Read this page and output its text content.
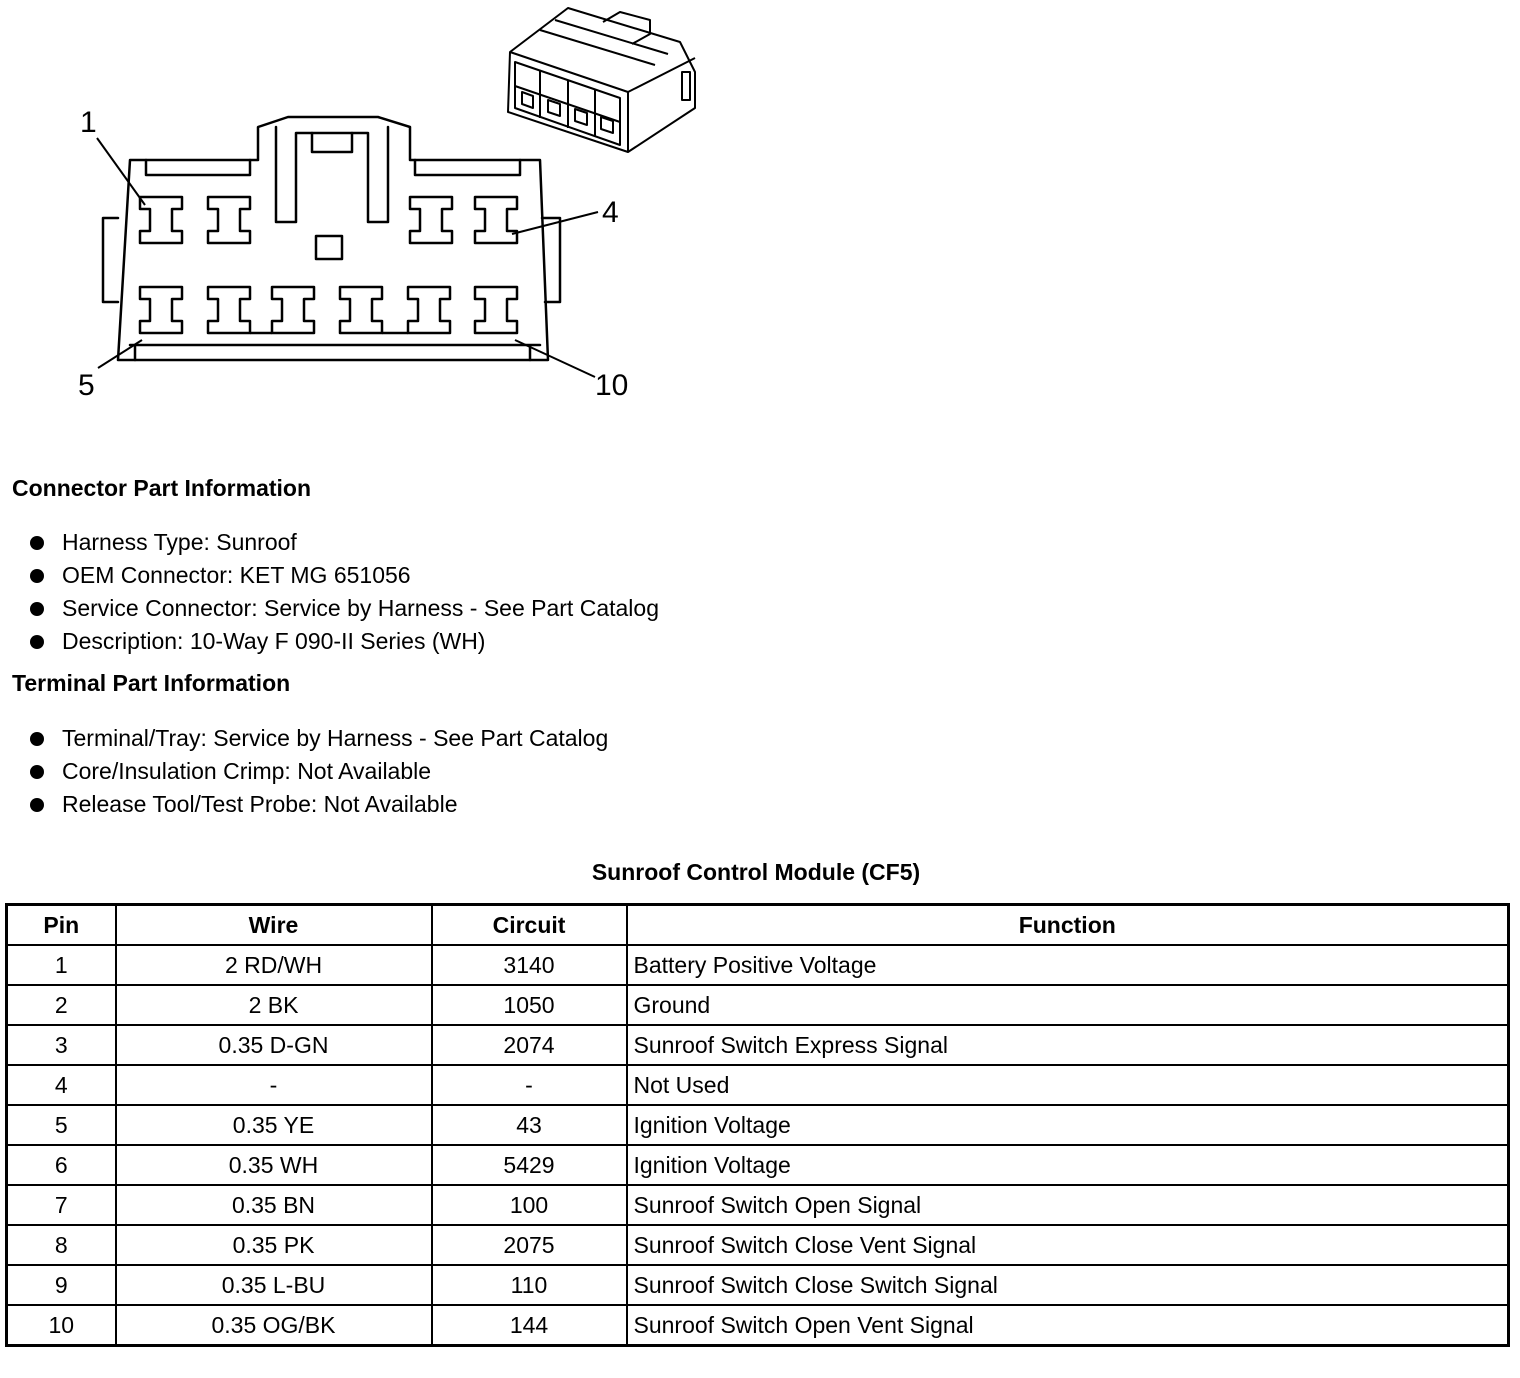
1
4
5	10
Connector Part Information
Harness Type: Sunroof
OEM Connector: KET MG 651056
Service Connector: Service by Harness - See Part Catalog
Description: 10-Way F 090-II Series (WH)
Terminal Part Information
Terminal/Tray: Service by Harness - See Part Catalog
Core/Insulation Crimp: Not Available
Release Tool/Test Probe: Not Available
Sunroof Control Module (CF5)
Pin	Wire	Circuit	Function
1	2 RD/WH	3140	Battery Positive Voltage
2	2 BK	1050	Ground
3	0.35 D-GN	2074	Sunroof Switch Express Signal
4	-	-	Not Used
5	0.35 YE	43	Ignition Voltage
6	0.35 WH	5429	Ignition Voltage
7	0.35 BN	100	Sunroof Switch Open Signal
8	0.35 PK	2075	Sunroof Switch Close Vent Signal
9	0.35 L-BU	110	Sunroof Switch Close Switch Signal
10	0.35 OG/BK	144	Sunroof Switch Open Vent Signal
